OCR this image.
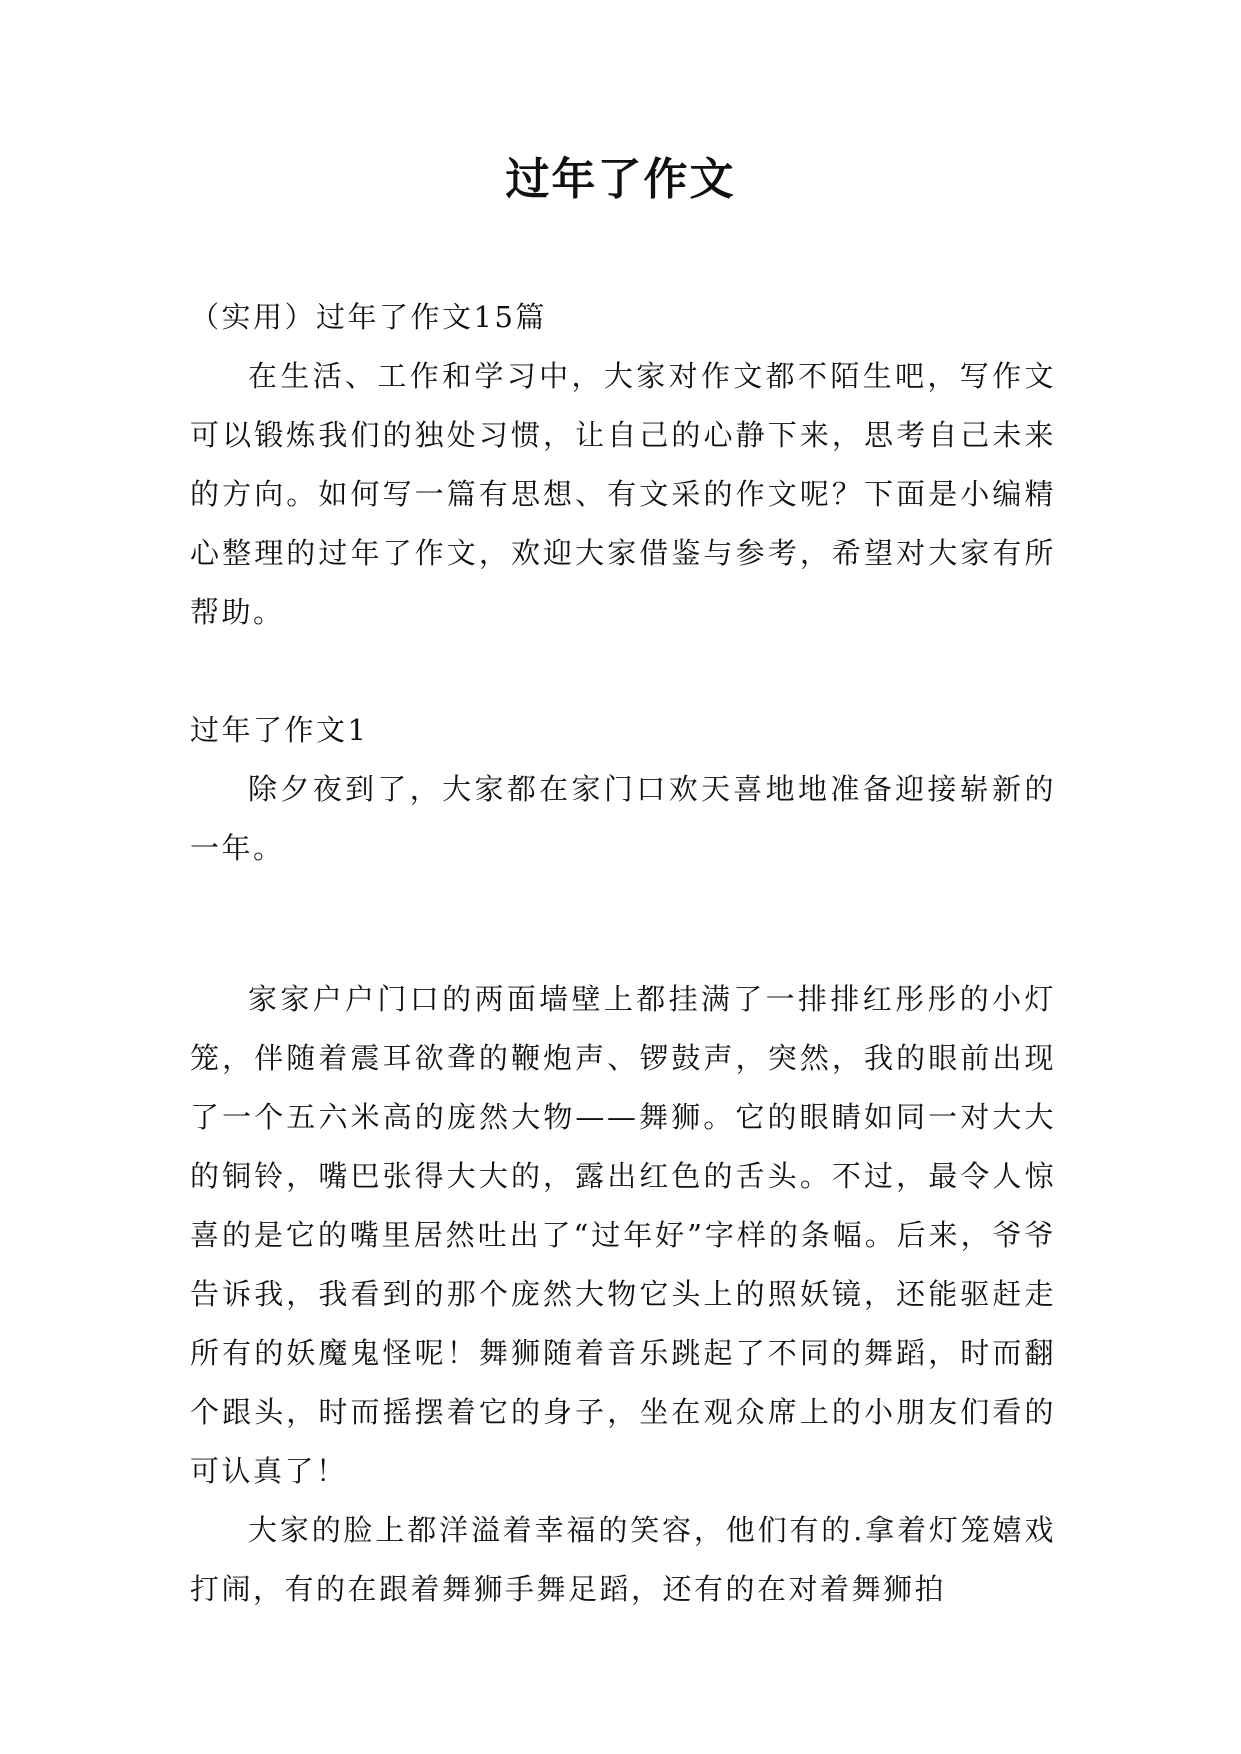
过年了作文

（实用）过年了作文15篇

在生活、工作和学习中，大家对作文都不陌生吧，写作文可以锻炼我们的独处习惯，让自己的心静下来，思考自己未来的方向。如何写一篇有思想、有文采的作文呢？下面是小编精心整理的过年了作文，欢迎大家借鉴与参考，希望对大家有所帮助。

过年了作文1

除夕夜到了，大家都在家门口欢天喜地地准备迎接崭新的一年。

家家户户门口的两面墙壁上都挂满了一排排红彤彤的小灯笼，伴随着震耳欲聋的鞭炮声、锣鼓声，突然，我的眼前出现了一个五六米高的庞然大物——舞狮。它的眼睛如同一对大大的铜铃，嘴巴张得大大的，露出红色的舌头。不过，最令人惊喜的是它的嘴里居然吐出了“过年好”字样的条幅。后来，爷爷告诉我，我看到的那个庞然大物它头上的照妖镜，还能驱赶走所有的妖魔鬼怪呢！舞狮随着音乐跳起了不同的舞蹈，时而翻个跟头，时而摇摆着它的身子，坐在观众席上的小朋友们看的可认真了！

大家的脸上都洋溢着幸福的笑容，他们有的.拿着灯笼嬉戏打闹，有的在跟着舞狮手舞足蹈，还有的在对着舞狮拍
